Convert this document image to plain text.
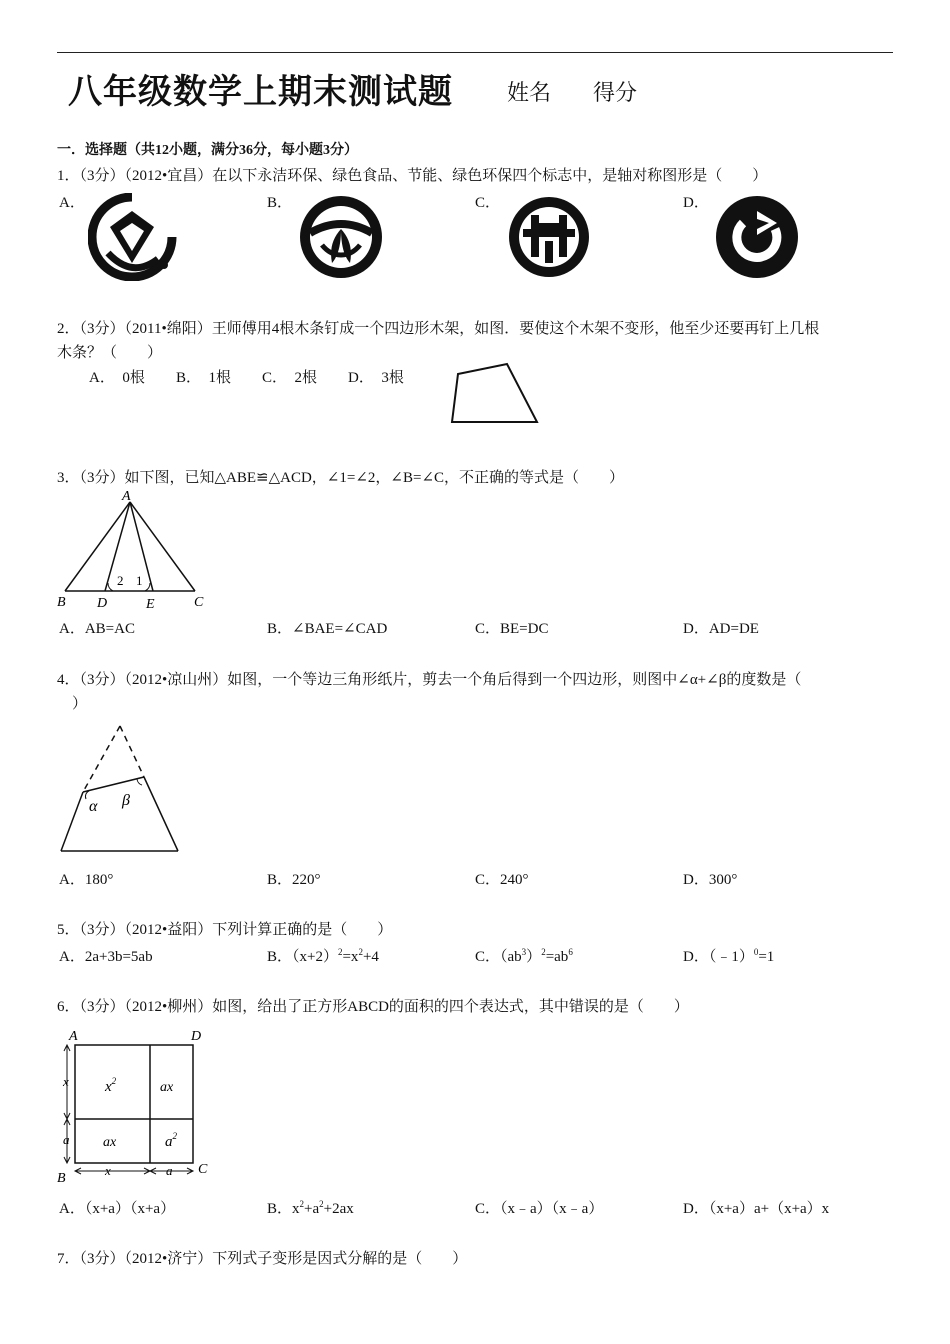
八年级数学上期末测试题 姓名 得分
一．选择题（共12小题，满分36分，每小题3分）
1．（3分）（2012•宜昌）在以下永洁环保、绿色食品、节能、绿色环保四个标志中，是轴对称图形是（　　）
A．	B．	C．	D．
2．（3分）（2011•绵阳）王师傅用4根木条钉成一个四边形木架，如图．要使这个木架不变形，他至少还要再钉上几根
木条？（　　）
A．　0根 B．　1根 C．　2根 D．　3根
3．（3分）如下图，已知△ABE≌△ACD，∠1=∠2，∠B=∠C，不正确的等式是（　　）
A
B D	E	C
2 1
A．AB=AC	B．∠BAE=∠CAD	C．BE=DC	D．AD=DE
4．（3分）（2012•凉山州）如图，一个等边三角形纸片，剪去一个角后得到一个四边形，则图中∠α+∠β的度数是（
）
α β
A．180°	B．220°	C．240°	D．300°
5．（3分）（2012•益阳）下列计算正确的是（　　）
A．2a+3b=5ab	B．$(x+2)^2=x^2+4$	C．$(ab^3)^2=ab^6$	D．（﹣1）$^0$=1
6．（3分）（2012•柳州）如图，给出了正方形ABCD的面积的四个表达式，其中错误的是（　　）
A	D
B
C
$x^2$	ax
ax	$a^2$
x
a
x	a
A．（x+a）（x+a）	B．$x^2+a^2+2ax$	C．（x﹣a）（x﹣a）	D．（x+a）a+（x+a）x
7．（3分）（2012•济宁）下列式子变形是因式分解的是（　　）
